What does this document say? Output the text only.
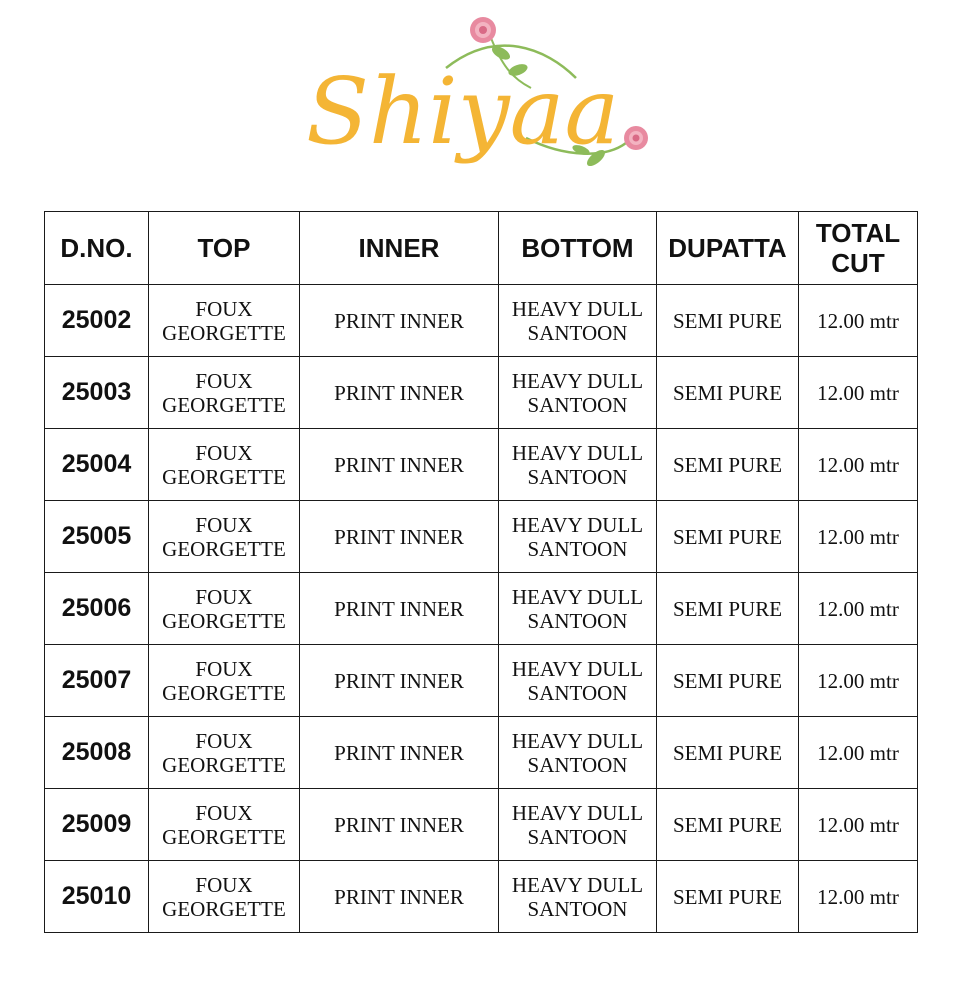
Shiyaa
D.NO.	TOP	INNER	BOTTOM	DUPATTA	TOTAL CUT
25002	FOUX GEORGETTE	PRINT INNER	HEAVY DULL SANTOON	SEMI PURE	12.00 mtr
25003	FOUX GEORGETTE	PRINT INNER	HEAVY DULL SANTOON	SEMI PURE	12.00 mtr
25004	FOUX GEORGETTE	PRINT INNER	HEAVY DULL SANTOON	SEMI PURE	12.00 mtr
25005	FOUX GEORGETTE	PRINT INNER	HEAVY DULL SANTOON	SEMI PURE	12.00 mtr
25006	FOUX GEORGETTE	PRINT INNER	HEAVY DULL SANTOON	SEMI PURE	12.00 mtr
25007	FOUX GEORGETTE	PRINT INNER	HEAVY DULL SANTOON	SEMI PURE	12.00 mtr
25008	FOUX GEORGETTE	PRINT INNER	HEAVY DULL SANTOON	SEMI PURE	12.00 mtr
25009	FOUX GEORGETTE	PRINT INNER	HEAVY DULL SANTOON	SEMI PURE	12.00 mtr
25010	FOUX GEORGETTE	PRINT INNER	HEAVY DULL SANTOON	SEMI PURE	12.00 mtr
